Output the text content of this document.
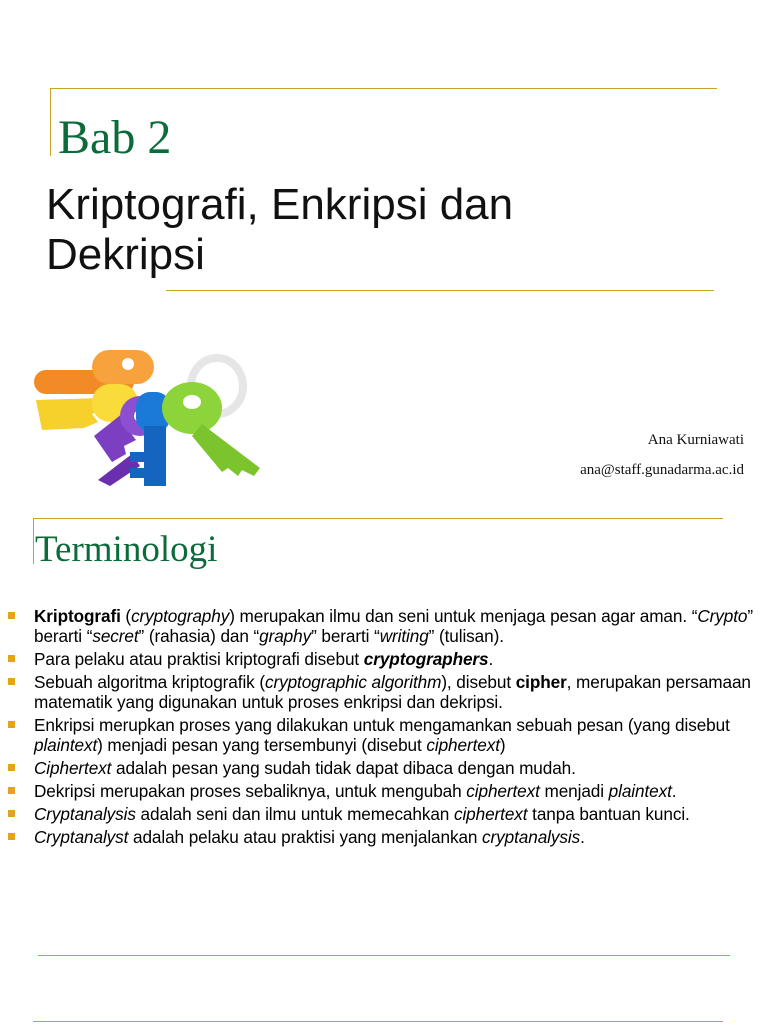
Bab 2
Kriptografi, Enkripsi dan
Dekripsi
Ana Kurniawati
ana@staff.gunadarma.ac.id
Terminologi
Kriptografi (cryptography) merupakan ilmu dan seni untuk menjaga pesan agar aman. “Crypto” berarti “secret” (rahasia) dan “graphy” berarti “writing” (tulisan).
Para pelaku atau praktisi kriptografi disebut cryptographers.
Sebuah algoritma kriptografik (cryptographic algorithm), disebut cipher, merupakan persamaan matematik yang digunakan untuk proses enkripsi dan dekripsi.
Enkripsi merupkan proses yang dilakukan untuk mengamankan sebuah pesan (yang disebut plaintext) menjadi pesan yang tersembunyi (disebut ciphertext)
Ciphertext adalah pesan yang sudah tidak dapat dibaca dengan mudah.
Dekripsi merupakan proses sebaliknya, untuk mengubah ciphertext menjadi plaintext.
Cryptanalysis adalah seni dan ilmu untuk memecahkan ciphertext tanpa bantuan kunci.
Cryptanalyst adalah pelaku atau praktisi yang menjalankan cryptanalysis.
